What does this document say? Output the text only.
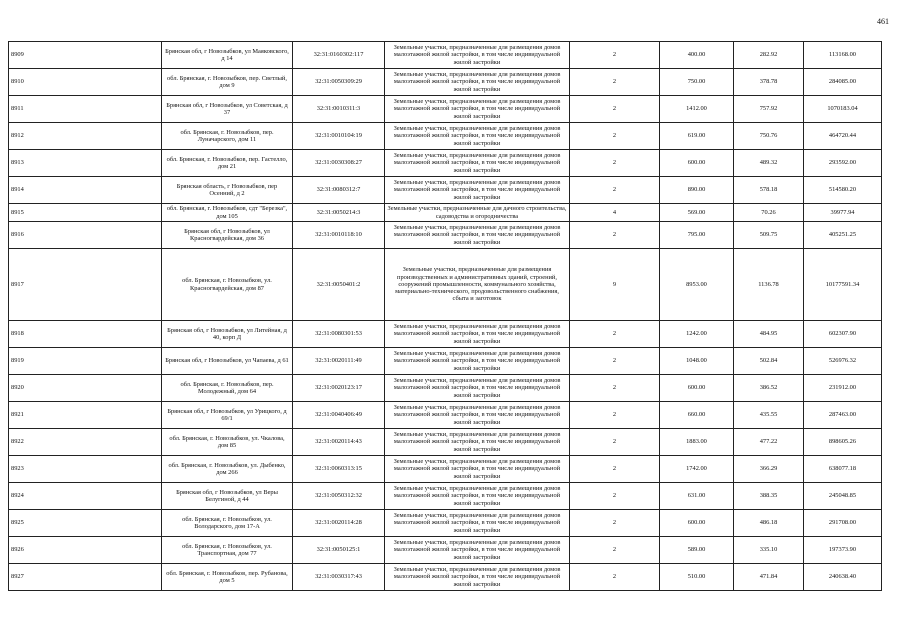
461
8909	Брянская обл, г Новозыбков, ул Маяковского, д 14	32:31:0160302:117	Земельные участки, предназначенные для размещения домов малоэтажной жилой застройки, в том числе индивидуальной жилой застройки	2	400.00	282.92	113168.00
8910	обл. Брянская, г. Новозыбков, пер. Светлый, дом 9	32:31:0050309:29	Земельные участки, предназначенные для размещения домов малоэтажной жилой застройки, в том числе индивидуальной жилой застройки	2	750.00	378.78	284085.00
8911	Брянская обл, г Новозыбков, ул Советская, д 37	32:31:0010311:3	Земельные участки, предназначенные для размещения домов малоэтажной жилой застройки, в том числе индивидуальной жилой застройки	2	1412.00	757.92	1070183.04
8912	обл. Брянская, г. Новозыбков, пер. Луначарского, дом 11	32:31:0010104:19	Земельные участки, предназначенные для размещения домов малоэтажной жилой застройки, в том числе индивидуальной жилой застройки	2	619.00	750.76	464720.44
8913	обл. Брянская, г. Новозыбков, пер. Гастелло, дом 21	32:31:0030308:27	Земельные участки, предназначенные для размещения домов малоэтажной жилой застройки, в том числе индивидуальной жилой застройки	2	600.00	489.32	293592.00
8914	Брянская область, г Новозыбков, пер Осенний, д 2	32:31:0080312:7	Земельные участки, предназначенные для размещения домов малоэтажной жилой застройки, в том числе индивидуальной жилой застройки	2	890.00	578.18	514580.20
8915	обл. Брянская, г. Новозыбков, сдт "Березка", дом 105	32:31:0050214:3	Земельные участки, предназначенные для дачного строительства, садоводства и огородничества	4	569.00	70.26	39977.94
8916	Брянская обл, г Новозыбков, ул Красногвардейская, дом 36	32:31:0010118:10	Земельные участки, предназначенные для размещения домов малоэтажной жилой застройки, в том числе индивидуальной жилой застройки	2	795.00	509.75	405251.25
8917	обл. Брянская, г. Новозыбков, ул. Красногвардейская, дом 87	32:31:0050401:2	Земельные участки, предназначенные для размещения производственных и административных зданий, строений, сооружений промышленности, коммунального хозяйства, материально-технического, продовольственного снабжения, сбыта и заготовок	9	8953.00	1136.78	10177591.34
8918	Брянская обл, г Новозыбков, ул Литейная, д 40, корп Д	32:31:0080301:53	Земельные участки, предназначенные для размещения домов малоэтажной жилой застройки, в том числе индивидуальной жилой застройки	2	1242.00	484.95	602307.90
8919	Брянская обл, г Новозыбков, ул Чапаева, д 61	32:31:0020111:49	Земельные участки, предназначенные для размещения домов малоэтажной жилой застройки, в том числе индивидуальной жилой застройки	2	1048.00	502.84	526976.32
8920	обл. Брянская, г. Новозыбков, пер. Молодежный, дом 64	32:31:0020123:17	Земельные участки, предназначенные для размещения домов малоэтажной жилой застройки, в том числе индивидуальной жилой застройки	2	600.00	386.52	231912.00
8921	Брянская обл, г Новозыбков, ул Урицкого, д 69/1	32:31:0040406:49	Земельные участки, предназначенные для размещения домов малоэтажной жилой застройки, в том числе индивидуальной жилой застройки	2	660.00	435.55	287463.00
8922	обл. Брянская, г. Новозыбков, ул. Чкалова, дом 85	32:31:0020114:43	Земельные участки, предназначенные для размещения домов малоэтажной жилой застройки, в том числе индивидуальной жилой застройки	2	1883.00	477.22	898605.26
8923	обл. Брянская, г. Новозыбков, ул. Дыбенко, дом 266	32:31:0060313:15	Земельные участки, предназначенные для размещения домов малоэтажной жилой застройки, в том числе индивидуальной жилой застройки	2	1742.00	366.29	638077.18
8924	Брянская обл, г Новозыбков, ул Веры Белугиной, д 44	32:31:0050312:32	Земельные участки, предназначенные для размещения домов малоэтажной жилой застройки, в том числе индивидуальной жилой застройки	2	631.00	388.35	245048.85
8925	обл. Брянская, г. Новозыбков, ул. Володарского, дом 17-А	32:31:0020114:28	Земельные участки, предназначенные для размещения домов малоэтажной жилой застройки, в том числе индивидуальной жилой застройки	2	600.00	486.18	291708.00
8926	обл. Брянская, г. Новозыбков, ул. Транспортная, дом 77	32:31:0050125:1	Земельные участки, предназначенные для размещения домов малоэтажной жилой застройки, в том числе индивидуальной жилой застройки	2	589.00	335.10	197373.90
8927	обл. Брянская, г. Новозыбков, пер. Рубанова, дом 5	32:31:0030317:43	Земельные участки, предназначенные для размещения домов малоэтажной жилой застройки, в том числе индивидуальной жилой застройки	2	510.00	471.84	240638.40
